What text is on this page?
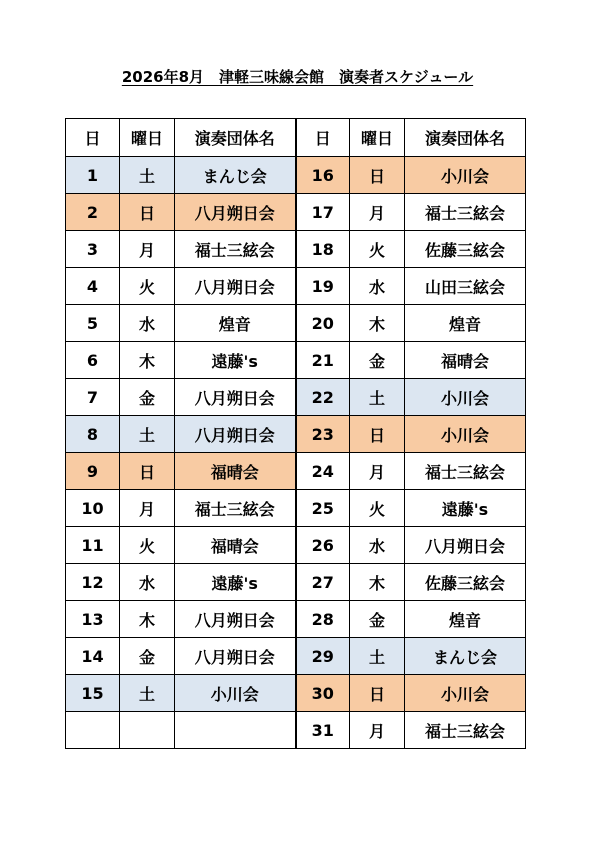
2026年8月　津軽三味線会館　演奏者スケジュール
日	曜日	演奏団体名	日	曜日	演奏団体名
1	土	まんじ会	16	日	小川会
2	日	八月朔日会	17	月	福士三絃会
3	月	福士三絃会	18	火	佐藤三絃会
4	火	八月朔日会	19	水	山田三絃会
5	水	煌音	20	木	煌音
6	木	遠藤's	21	金	福晴会
7	金	八月朔日会	22	土	小川会
8	土	八月朔日会	23	日	小川会
9	日	福晴会	24	月	福士三絃会
10	月	福士三絃会	25	火	遠藤's
11	火	福晴会	26	水	八月朔日会
12	水	遠藤's	27	木	佐藤三絃会
13	木	八月朔日会	28	金	煌音
14	金	八月朔日会	29	土	まんじ会
15	土	小川会	30	日	小川会
			31	月	福士三絃会
